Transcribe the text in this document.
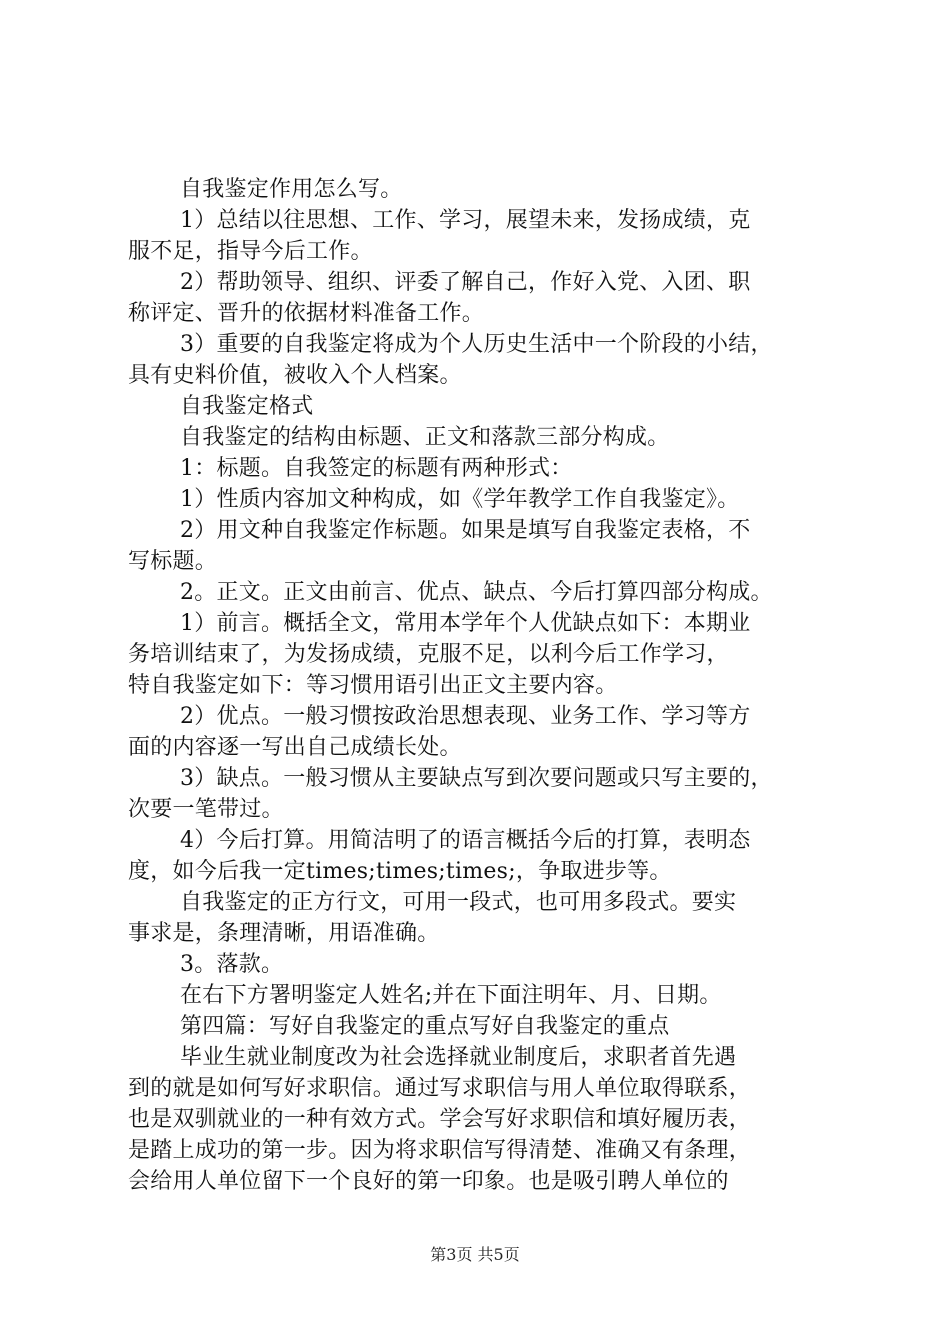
自我鉴定作用怎么写。
1）总结以往思想、工作、学习，展望未来，发扬成绩，克
服不足，指导今后工作。
2）帮助领导、组织、评委了解自己，作好入党、入团、职
称评定、晋升的依据材料准备工作。
3）重要的自我鉴定将成为个人历史生活中一个阶段的小结，
具有史料价值，被收入个人档案。
自我鉴定格式
自我鉴定的结构由标题、正文和落款三部分构成。
1：标题。自我签定的标题有两种形式：
1）性质内容加文种构成，如《学年教学工作自我鉴定》。
2）用文种自我鉴定作标题。如果是填写自我鉴定表格，不
写标题。
2。正文。正文由前言、优点、缺点、今后打算四部分构成。
1）前言。概括全文，常用本学年个人优缺点如下：本期业
务培训结束了，为发扬成绩，克服不足，以利今后工作学习，
特自我鉴定如下：等习惯用语引出正文主要内容。
2）优点。一般习惯按政治思想表现、业务工作、学习等方
面的内容逐一写出自己成绩长处。
3）缺点。一般习惯从主要缺点写到次要问题或只写主要的，
次要一笔带过。
4）今后打算。用简洁明了的语言概括今后的打算，表明态
度，如今后我一定times;times;times;，争取进步等。
自我鉴定的正方行文，可用一段式，也可用多段式。要实
事求是，条理清晰，用语准确。
3。落款。
在右下方署明鉴定人姓名;并在下面注明年、月、日期。
第四篇：写好自我鉴定的重点写好自我鉴定的重点
毕业生就业制度改为社会选择就业制度后，求职者首先遇
到的就是如何写好求职信。通过写求职信与用人单位取得联系，
也是双驯就业的一种有效方式。学会写好求职信和填好履历表，
是踏上成功的第一步。因为将求职信写得清楚、准确又有条理，
会给用人单位留下一个良好的第一印象。也是吸引聘人单位的
第3页 共5页
